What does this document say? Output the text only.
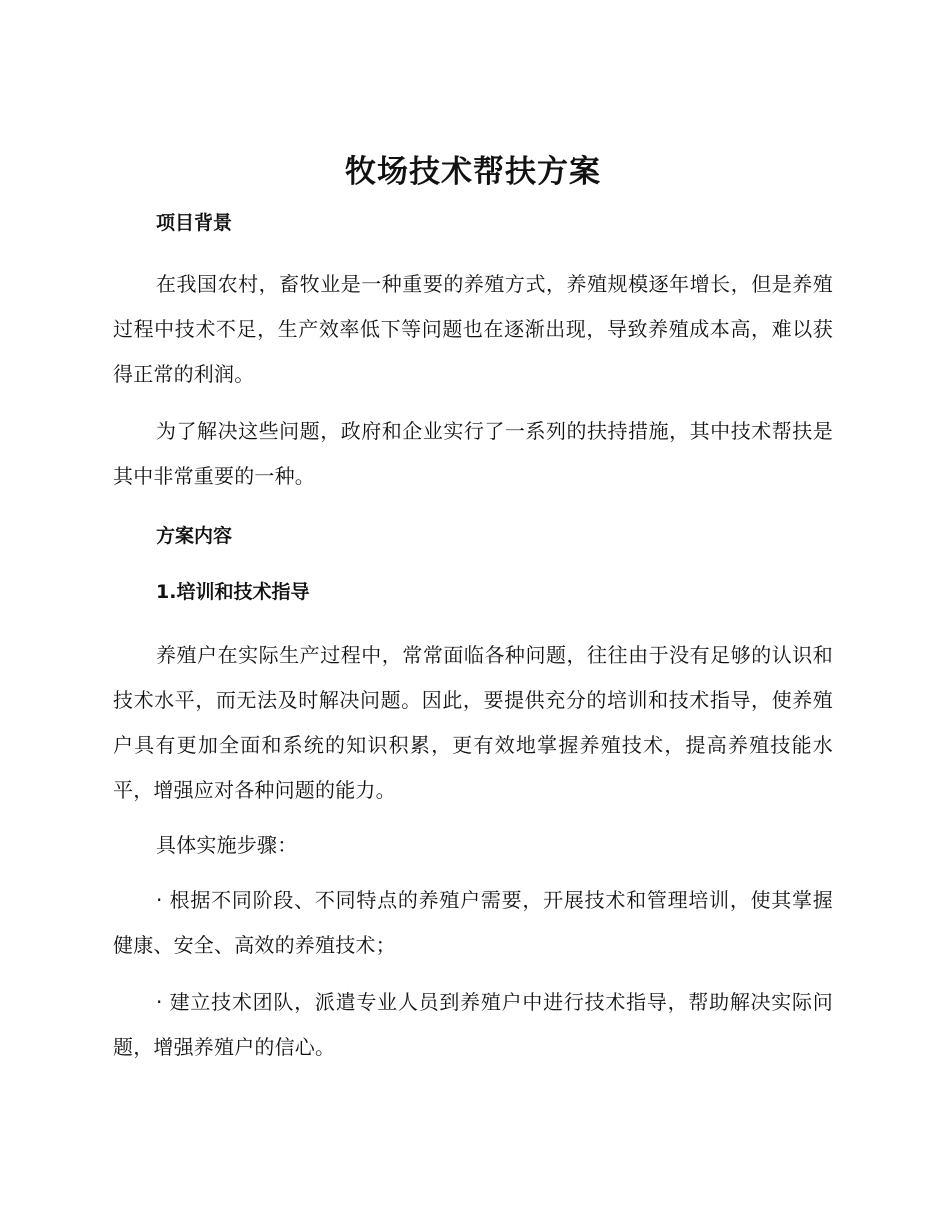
牧场技术帮扶方案
项目背景

在我国农村，畜牧业是一种重要的养殖方式，养殖规模逐年增长，但是养殖过程中技术不足，生产效率低下等问题也在逐渐出现，导致养殖成本高，难以获得正常的利润。

为了解决这些问题，政府和企业实行了一系列的扶持措施，其中技术帮扶是其中非常重要的一种。

方案内容
1.培训和技术指导

养殖户在实际生产过程中，常常面临各种问题，往往由于没有足够的认识和技术水平，而无法及时解决问题。因此，要提供充分的培训和技术指导，使养殖户具有更加全面和系统的知识积累，更有效地掌握养殖技术，提高养殖技能水平，增强应对各种问题的能力。

具体实施步骤：

· 根据不同阶段、不同特点的养殖户需要，开展技术和管理培训，使其掌握健康、安全、高效的养殖技术；

· 建立技术团队，派遣专业人员到养殖户中进行技术指导，帮助解决实际问题，增强养殖户的信心。
